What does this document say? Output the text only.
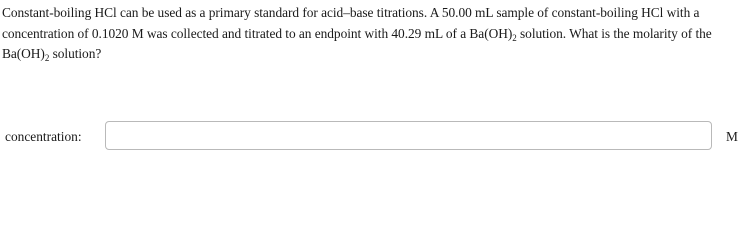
Constant-boiling HCl can be used as a primary standard for acid–base titrations. A 50.00 mL sample of constant-boiling HCl with a concentration of 0.1020 M was collected and titrated to an endpoint with 40.29 mL of a $Ba(OH)_2$ solution. What is the molarity of the $Ba(OH)_2$ solution?
concentration:	M
